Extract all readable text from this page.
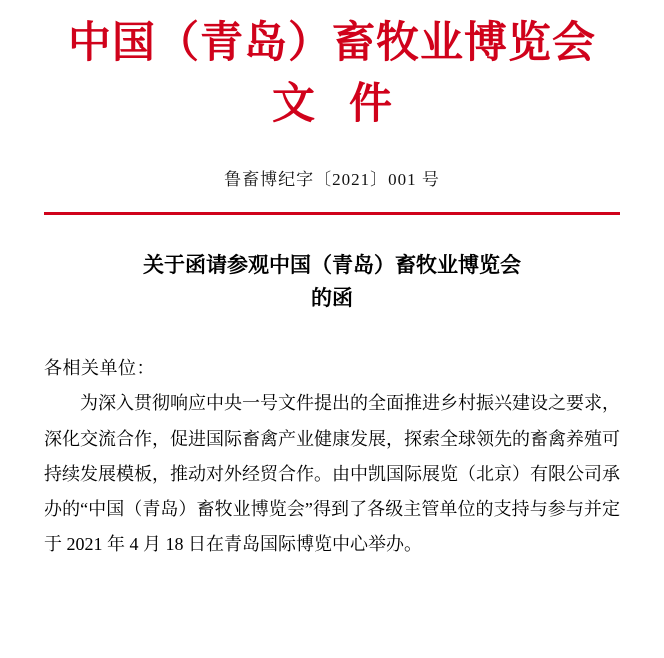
中国（青岛）畜牧业博览会
文件
鲁畜博纪字〔2021〕001 号
关于函请参观中国（青岛）畜牧业博览会
的函
各相关单位：

为深入贯彻响应中央一号文件提出的全面推进乡村振兴建设之要求，深化交流合作，促进国际畜禽产业健康发展，探索全球领先的畜禽养殖可持续发展模板，推动对外经贸合作。由中凯国际展览（北京）有限公司承办的“中国（青岛）畜牧业博览会”得到了各级主管单位的支持与参与并定于 2021 年 4 月 18 日在青岛国际博览中心举办。
